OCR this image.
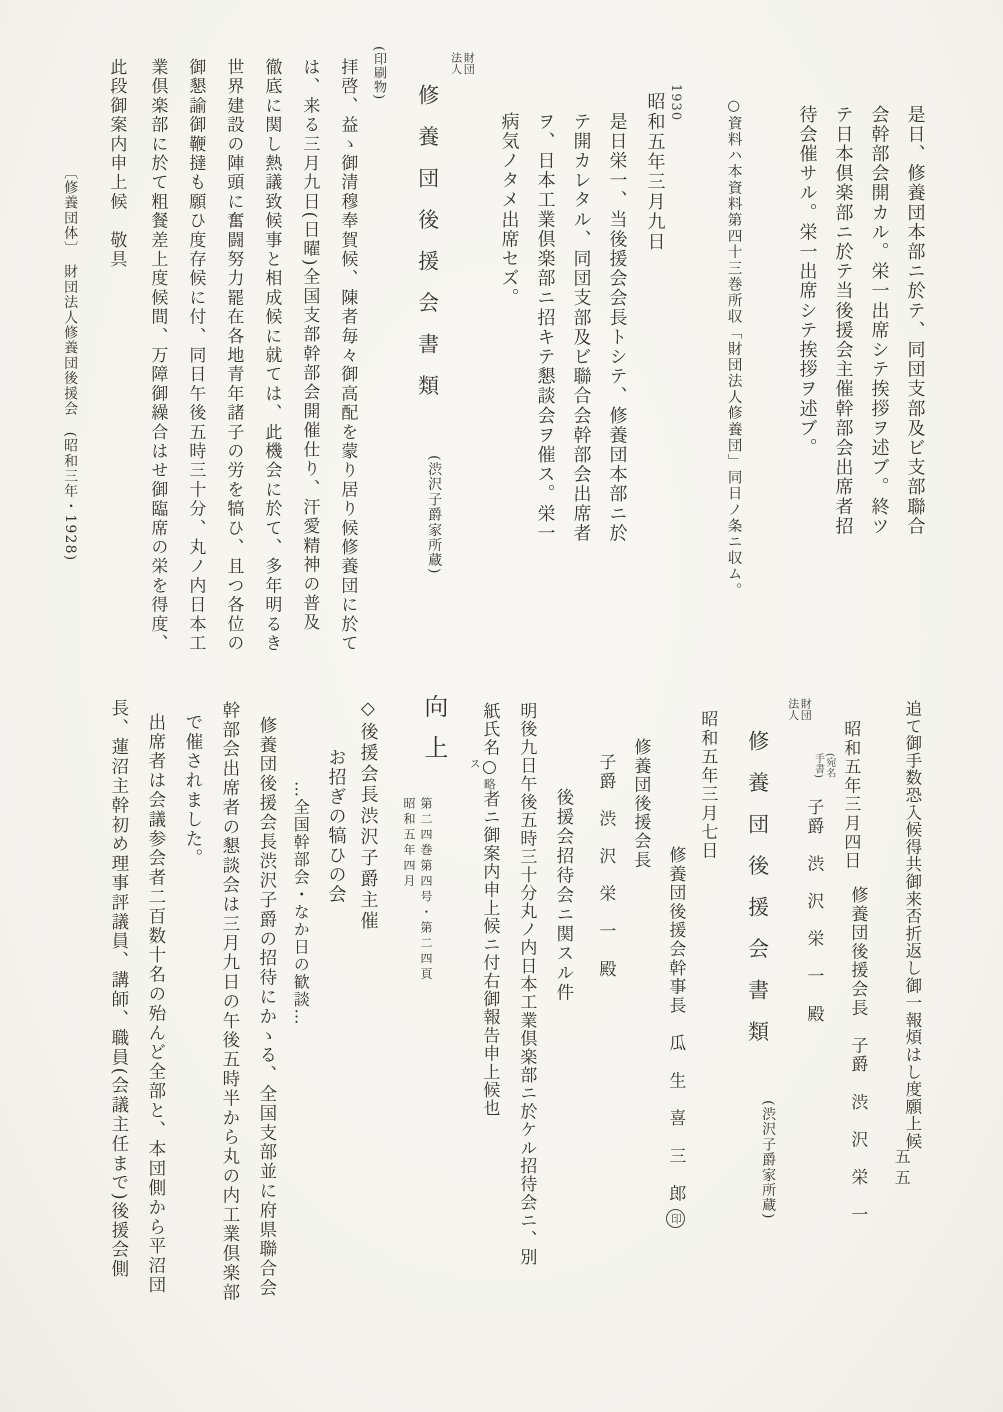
是日、修養団本部ニ於テ、同団支部及ビ支部聯合
会幹部会開カル。栄一出席シテ挨拶ヲ述ブ。終ツ
テ日本倶楽部ニ於テ当後援会主催幹部会出席者招
待会催サル。栄一出席シテ挨拶ヲ述ブ。
○資料ハ本資料第四十三巻所収「財団法人修養団」同日ノ条ニ収ム。
1930
昭和五年三月九日
是日栄一、当後援会会長トシテ、修養団本部ニ於
テ開カレタル、同団支部及ビ聯合会幹部会出席者
ヲ、日本工業倶楽部ニ招キテ懇談会ヲ催ス。栄一
病気ノタメ出席セズ。
財団
法人
修養団後援会書類
(渋沢子爵家所蔵)
(印刷物)
拝啓、益ゝ御清穆奉賀候、陳者毎々御高配を蒙り居り候修養団に於て
は、来る三月九日(日曜)全国支部幹部会開催仕り、汗愛精神の普及
徹底に関し熱議致候事と相成候に就ては、此機会に於て、多年明るき
世界建設の陣頭に奮闘努力罷在各地青年諸子の労を犒ひ、且つ各位の
御懇諭御鞭撻も願ひ度存候に付、同日午後五時三十分、丸ノ内日本工
業倶楽部に於て粗餐差上度候間、万障御繰合はせ御臨席の栄を得度、
此段御案内申上候　敬具
〔修養団体〕　財団法人修養団後援会　(昭和三年・1928)
追て御手数恐入候得共御来否折返し御一報煩はし度願上候
昭和五年三月四日
修養団後援会長　子爵　渋　沢　栄　一
(宛名
手書)
子爵　渋　沢　栄　一　殿
財団
法人
修養団後援会書類
(渋沢子爵家所蔵)
昭和五年三月七日
修養団後援会幹事長　瓜　生　喜　三　郎印
修養団後援会長
子爵　渋　沢　栄　一　殿
後援会招待会ニ関スル件
明後九日午後五時三十分丸ノ内日本工業倶楽部ニ於ケル招待会ニ、別
紙氏名○
ス
略者ニ御案内申上候ニ付右御報告申上候也
向上
第二四巻第四号・第二四頁
昭和五年四月
◇後援会長渋沢子爵主催
お招ぎの犒ひの会
…全国幹部会・なか日の歓談…
修養団後援会長渋沢子爵の招待にかゝる、全国支部並に府県聯合会
幹部会出席者の懇談会は三月九日の午後五時半から丸の内工業倶楽部
で催されました。
出席者は会議参会者二百数十名の殆んど全部と、本団側から平沼団
長、蓮沼主幹初め理事評議員、講師、職員(会議主任まで)後援会側	五五
